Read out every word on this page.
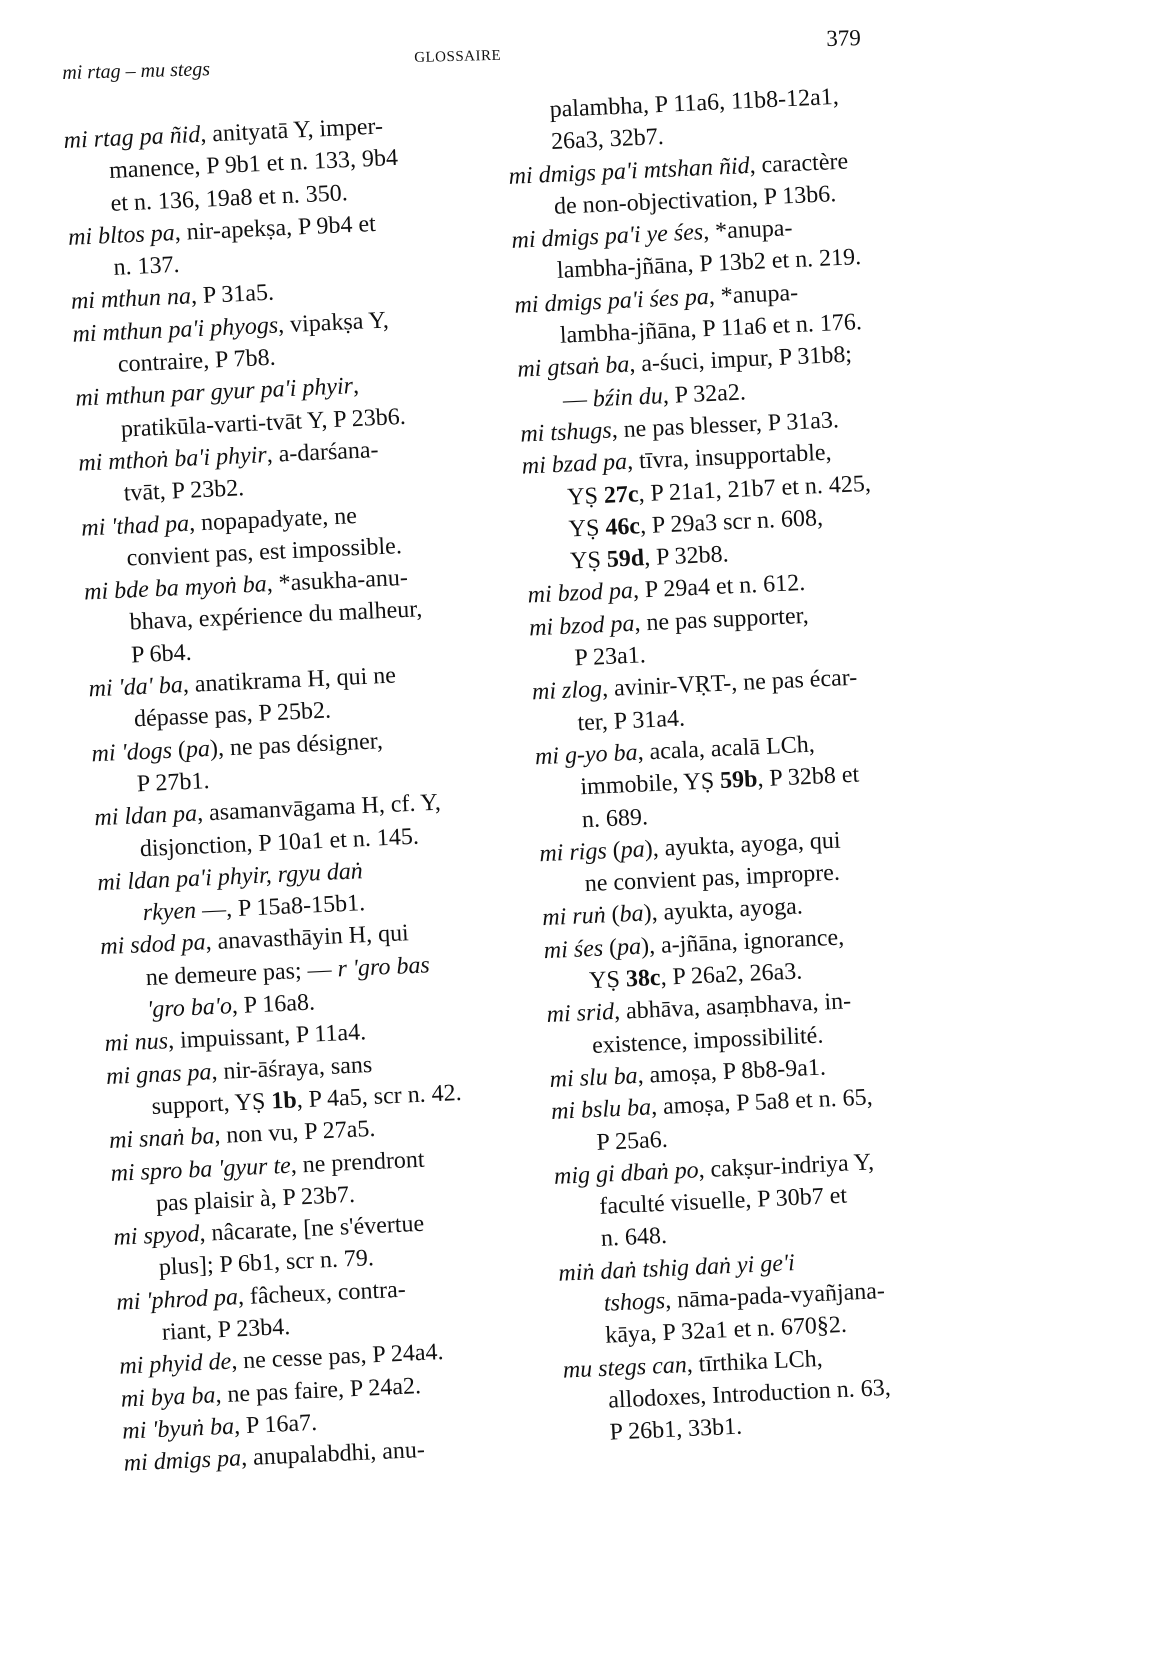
mi rtag – mu stegs
GLOSSAIRE
379
mi rtag pa ñid, anityatā Y, imper-
manence, P 9b1 et n. 133, 9b4
et n. 136, 19a8 et n. 350.
mi bltos pa, nir-apekṣa, P 9b4 et
n. 137.
mi mthun na, P 31a5.
mi mthun pa'i phyogs, vipakṣa Y,
contraire, P 7b8.
mi mthun par gyur pa'i phyir,
pratikūla-varti-tvāt Y, P 23b6.
mi mthoṅ ba'i phyir, a-darśana-
tvāt, P 23b2.
mi 'thad pa, nopapadyate, ne
convient pas, est impossible.
mi bde ba myoṅ ba, *asukha-anu-
bhava, expérience du malheur,
P 6b4.
mi 'da' ba, anatikrama H, qui ne
dépasse pas, P 25b2.
mi 'dogs (pa), ne pas désigner,
P 27b1.
mi ldan pa, asamanvāgama H, cf. Y,
disjonction, P 10a1 et n. 145.
mi ldan pa'i phyir, rgyu daṅ
rkyen —, P 15a8-15b1.
mi sdod pa, anavasthāyin H, qui
ne demeure pas; — r 'gro bas
'gro ba'o, P 16a8.
mi nus, impuissant, P 11a4.
mi gnas pa, nir-āśraya, sans
support, YṢ 1b, P 4a5, scr n. 42.
mi snaṅ ba, non vu, P 27a5.
mi spro ba 'gyur te, ne prendront
pas plaisir à, P 23b7.
mi spyod, nâcarate, [ne s'évertue
plus]; P 6b1, scr n. 79.
mi 'phrod pa, fâcheux, contra-
riant, P 23b4.
mi phyid de, ne cesse pas, P 24a4.
mi bya ba, ne pas faire, P 24a2.
mi 'byuṅ ba, P 16a7.
mi dmigs pa, anupalabdhi, anu-
palambha, P 11a6, 11b8-12a1,
26a3, 32b7.
mi dmigs pa'i mtshan ñid, caractère
de non-objectivation, P 13b6.
mi dmigs pa'i ye śes, *anupa-
lambha-jñāna, P 13b2 et n. 219.
mi dmigs pa'i śes pa, *anupa-
lambha-jñāna, P 11a6 et n. 176.
mi gtsaṅ ba, a-śuci, impur, P 31b8;
— bźin du, P 32a2.
mi tshugs, ne pas blesser, P 31a3.
mi bzad pa, tīvra, insupportable,
YṢ 27c, P 21a1, 21b7 et n. 425,
YṢ 46c, P 29a3 scr n. 608,
YṢ 59d, P 32b8.
mi bzod pa, P 29a4 et n. 612.
mi bzod pa, ne pas supporter,
P 23a1.
mi zlog, avinir-VṚT-, ne pas écar-
ter, P 31a4.
mi g-yo ba, acala, acalā LCh,
immobile, YṢ 59b, P 32b8 et
n. 689.
mi rigs (pa), ayukta, ayoga, qui
ne convient pas, impropre.
mi ruṅ (ba), ayukta, ayoga.
mi śes (pa), a-jñāna, ignorance,
YṢ 38c, P 26a2, 26a3.
mi srid, abhāva, asaṃbhava, in-
existence, impossibilité.
mi slu ba, amoṣa, P 8b8-9a1.
mi bslu ba, amoṣa, P 5a8 et n. 65,
P 25a6.
mig gi dbaṅ po, cakṣur-indriya Y,
faculté visuelle, P 30b7 et
n. 648.
miṅ daṅ tshig daṅ yi ge'i
tshogs, nāma-pada-vyañjana-
kāya, P 32a1 et n. 670§2.
mu stegs can, tīrthika LCh,
allodoxes, Introduction n. 63,
P 26b1, 33b1.
